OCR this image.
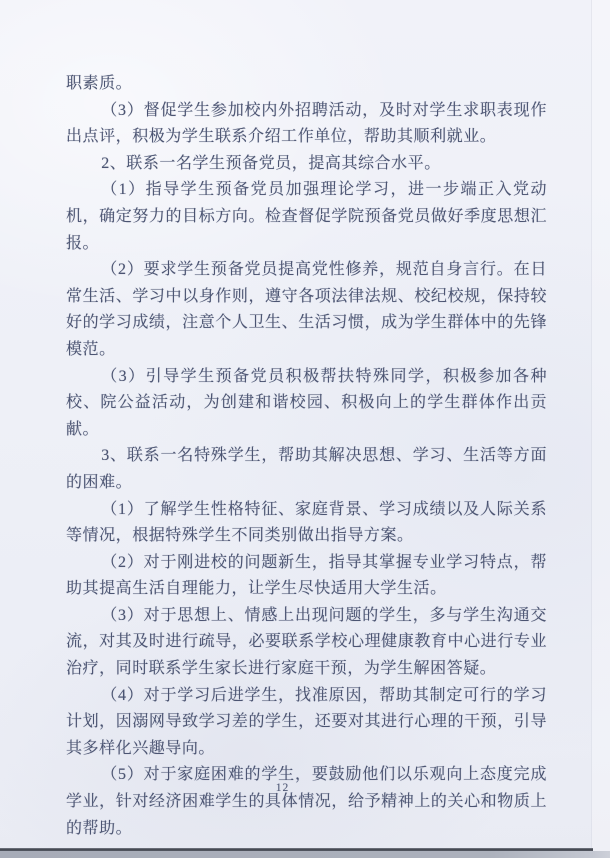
职素质。

（3）督促学生参加校内外招聘活动，及时对学生求职表现作出点评，积极为学生联系介绍工作单位，帮助其顺利就业。

2、联系一名学生预备党员，提高其综合水平。

（1）指导学生预备党员加强理论学习，进一步端正入党动机，确定努力的目标方向。检查督促学院预备党员做好季度思想汇报。

（2）要求学生预备党员提高党性修养，规范自身言行。在日常生活、学习中以身作则，遵守各项法律法规、校纪校规，保持较好的学习成绩，注意个人卫生、生活习惯，成为学生群体中的先锋模范。

（3）引导学生预备党员积极帮扶特殊同学，积极参加各种校、院公益活动，为创建和谐校园、积极向上的学生群体作出贡献。

3、联系一名特殊学生，帮助其解决思想、学习、生活等方面的困难。

（1）了解学生性格特征、家庭背景、学习成绩以及人际关系等情况，根据特殊学生不同类别做出指导方案。

（2）对于刚进校的问题新生，指导其掌握专业学习特点，帮助其提高生活自理能力，让学生尽快适用大学生活。

（3）对于思想上、情感上出现问题的学生，多与学生沟通交流，对其及时进行疏导，必要联系学校心理健康教育中心进行专业治疗，同时联系学生家长进行家庭干预，为学生解困答疑。

（4）对于学习后进学生，找准原因，帮助其制定可行的学习计划，因溺网导致学习差的学生，还要对其进行心理的干预，引导其多样化兴趣导向。

（5）对于家庭困难的学生，要鼓励他们以乐观向上态度完成学业，针对经济困难学生的具体情况，给予精神上的关心和物质上的帮助。

12
